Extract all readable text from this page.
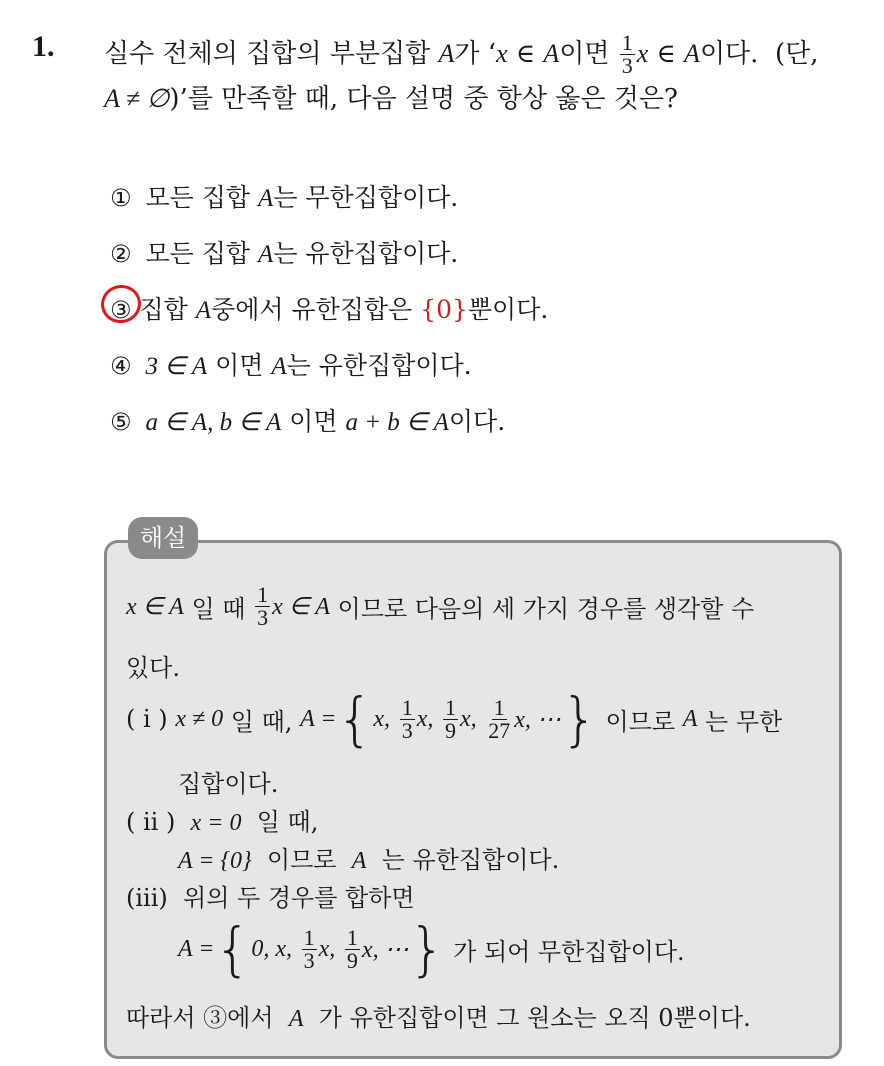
1. 실수 전체의 집합의 부분집합
A 가 ‘ x
∈
A 이면
$\frac{1}{3}$ x
∈
A 이다.
(단,
A ≠ ∅)’를 만족할 때, 다음 설명 중 항상 옳은 것은?
① 모든 집합 A는 무한집합이다.
② 모든 집합 A는 유한집합이다.
③ 집합 A중에서 유한집합은 {0}뿐이다.
④ 3 ∈ A 이면 A는 유한집합이다.
⑤ a ∈ A, b ∈ A 이면 a + b ∈ A이다.
해설
x ∈ A
일 때
$\frac{1}{3}$ x ∈ A
이므로 다음의 세 가지 경우를 생각할 수
있다.
( i )
x ≠ 0
일 때,
A = { x,
$\frac{1}{3} x$,
$\frac{1}{9} x$,
$\frac{1}{27} x$, ⋯ }
이므로
A
는 무한
집합이다.
( ii ) x = 0 일 때,
A = {0} 이므로 A 는 유한집합이다.
(iii) 위의 두 경우를 합하면
A = { 0, x,
$\frac{1}{3} x$,
$\frac{1}{9} x$, ⋯ }
가 되어 무한집합이다.
따라서 ③에서 A 가 유한집합이면 그 원소는 오직 0뿐이다.
